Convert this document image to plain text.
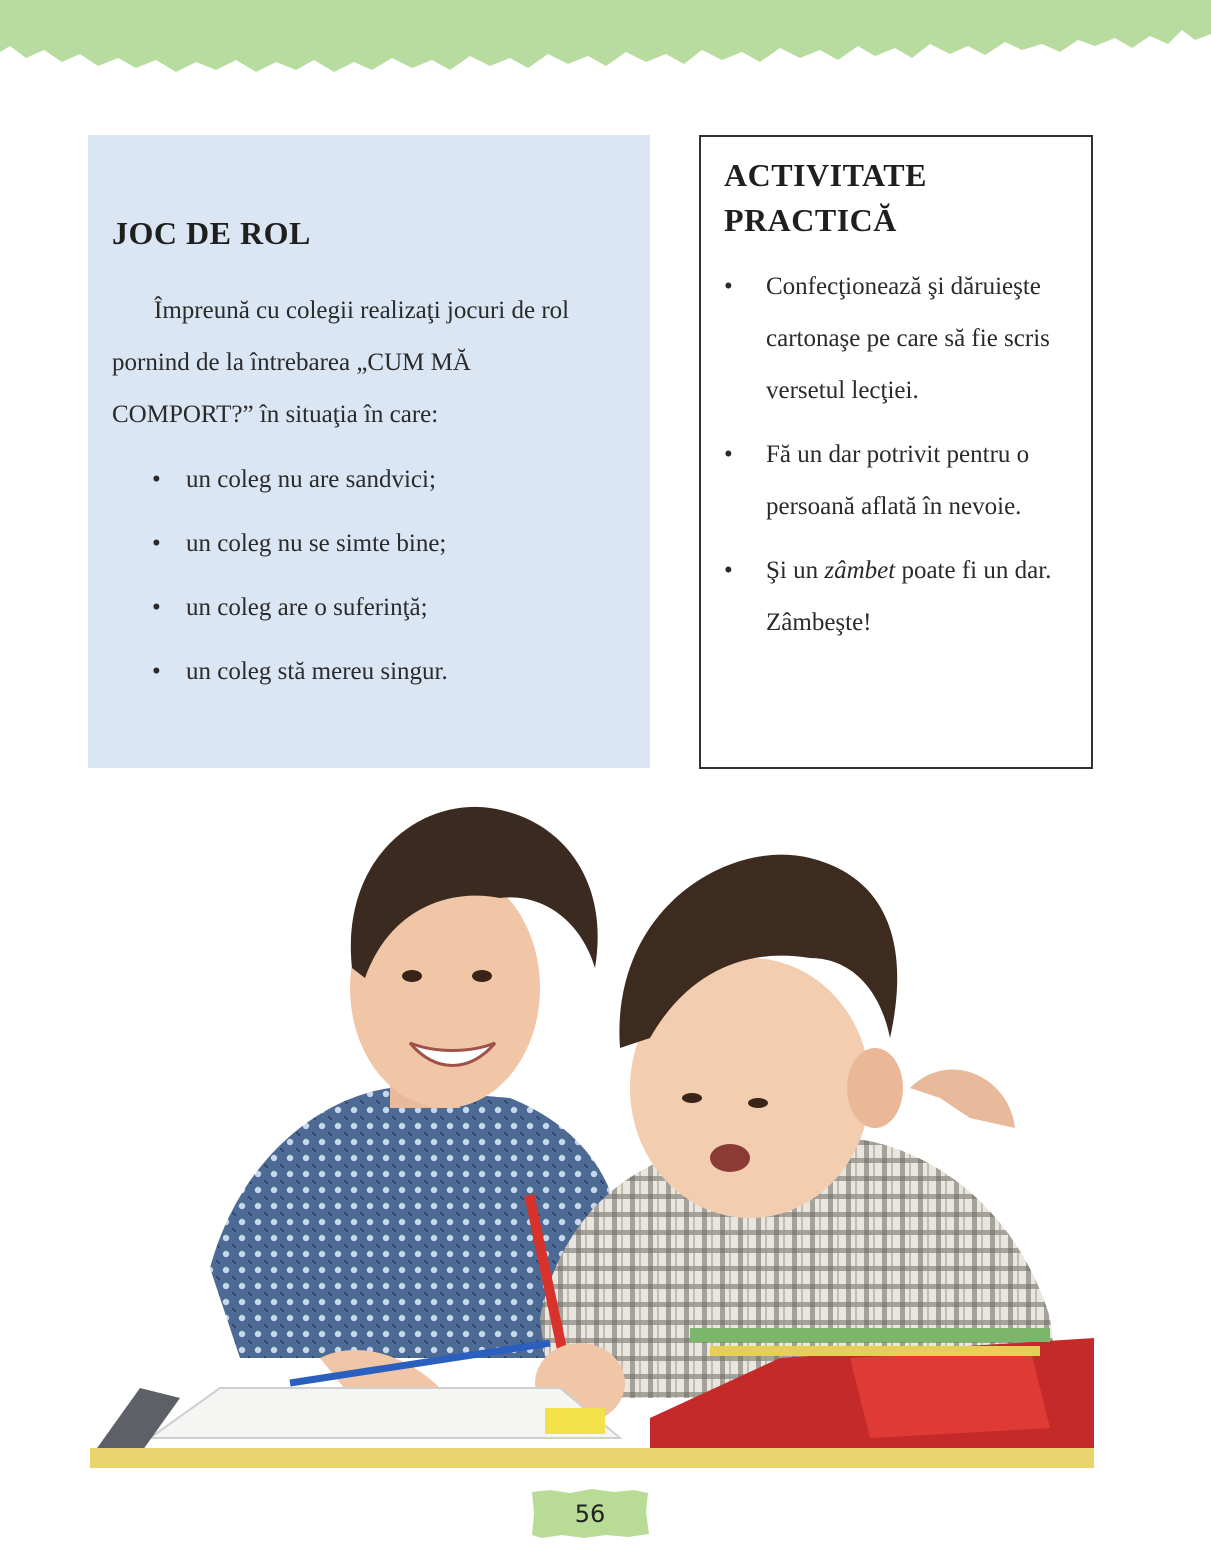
JOC DE ROL

Împreună cu colegii realizaţi jocuri de rol pornind de la întrebarea „CUM MĂ COMPORT?” în situaţia în care:

• un coleg nu are sandvici;
• un coleg nu se simte bine;
• un coleg are o suferinţă;
• un coleg stă mereu singur.
ACTIVITATE
PRACTICĂ
• Confecţionează şi dăruieşte cartonaşe pe care să fie scris versetul lecţiei.
• Fă un dar potrivit pentru o persoană aflată în nevoie.
• Şi un zâmbet poate fi un dar. Zâmbeşte!
56
